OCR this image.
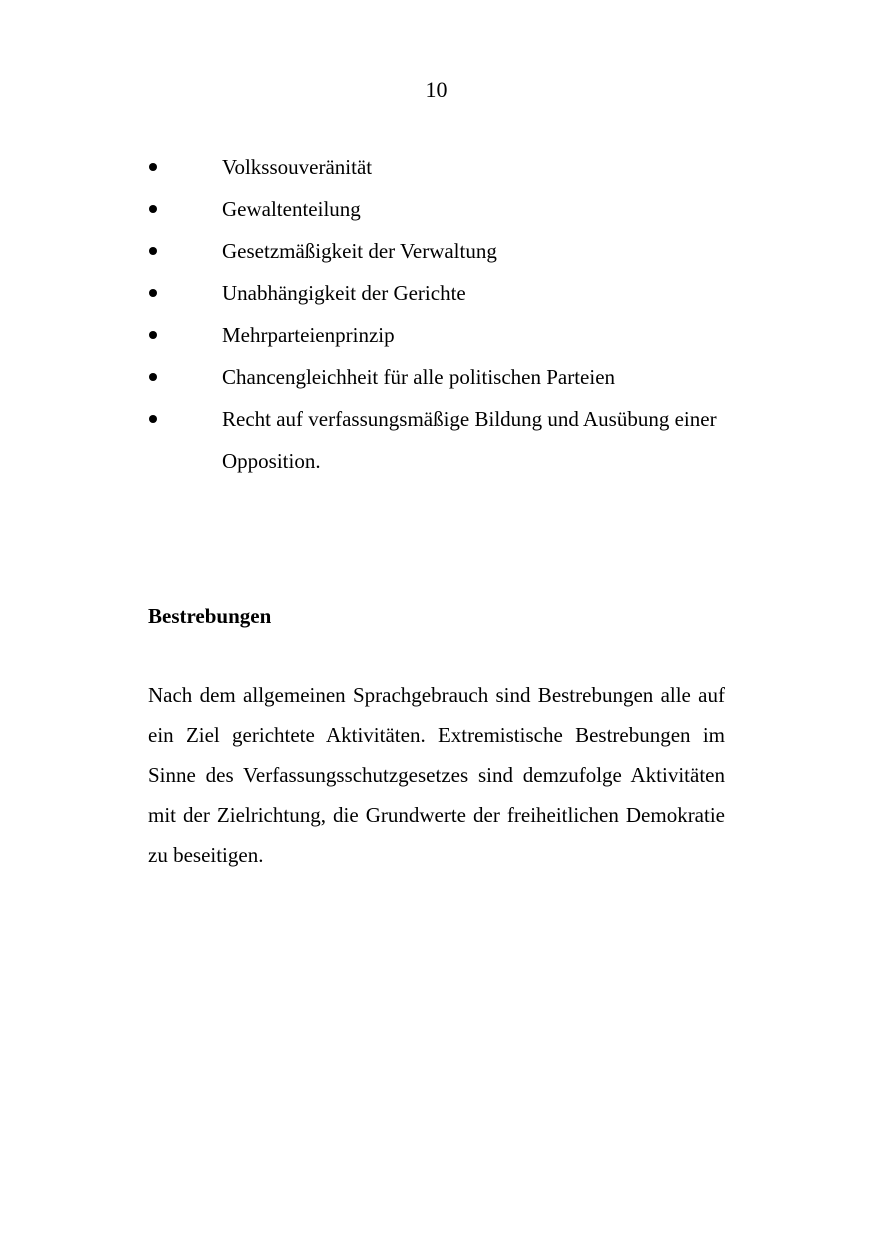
10
Volkssouveränität
Gewaltenteilung
Gesetzmäßigkeit der Verwaltung
Unabhängigkeit der Gerichte
Mehrparteienprinzip
Chancengleichheit für alle politischen Parteien
Recht auf verfassungsmäßige Bildung und Ausübung einer Opposition.
Bestrebungen

Nach dem allgemeinen Sprachgebrauch sind Bestrebungen alle auf ein Ziel gerichtete Aktivitäten. Extremistische Bestrebungen im Sinne des Verfassungsschutzgesetzes sind demzufolge Aktivitäten mit der Zielrichtung, die Grundwerte der freiheitlichen Demokratie zu beseitigen.
